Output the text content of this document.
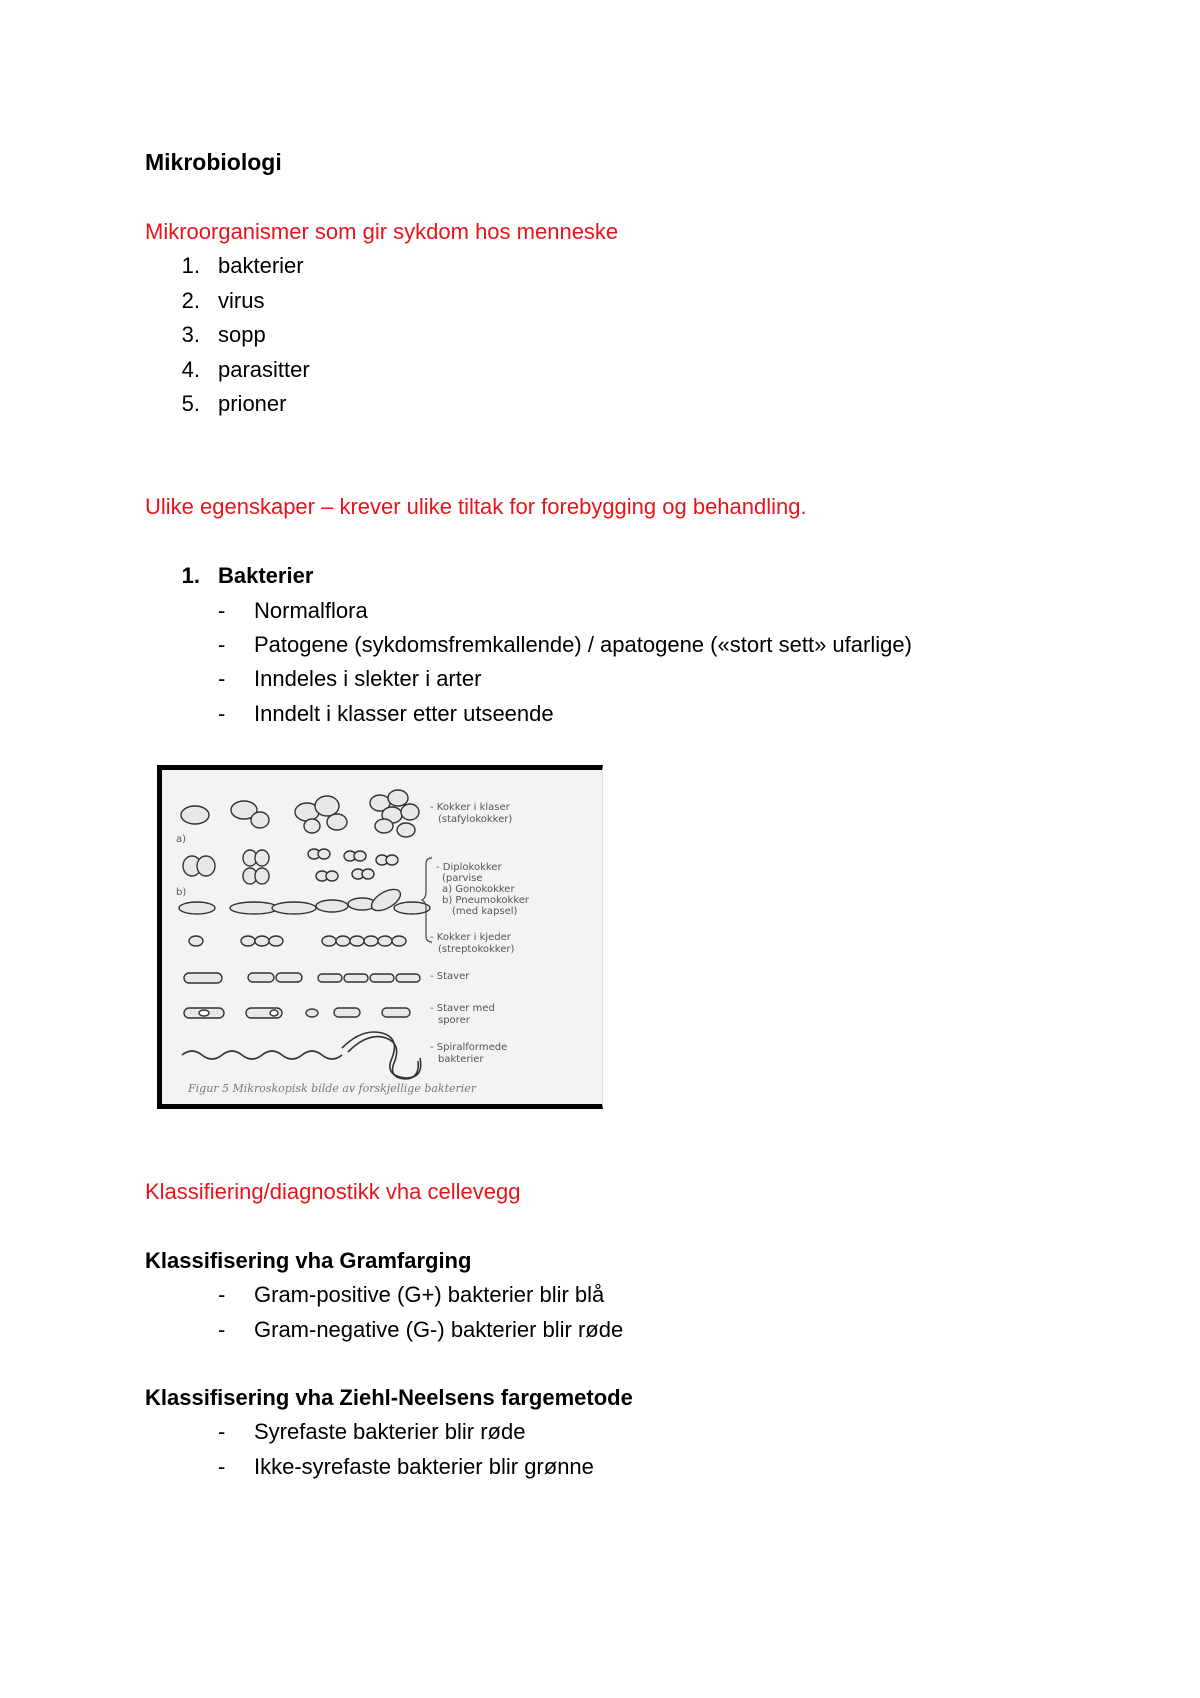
Mikrobiologi
Mikroorganismer som gir sykdom hos menneske
1. bakterier
2. virus
3. sopp
4. parasitter
5. prioner
Ulike egenskaper – krever ulike tiltak for forebygging og behandling.
1. Bakterier
- Normalflora
- Patogene (sykdomsfremkallende) / apatogene («stort sett» ufarlige)
- Inndeles i slekter i arter
- Inndelt i klasser etter utseende
a)
b)
- Kokker i klaser
(stafylokokker)
- Diplokokker
(parvise
a) Gonokokker
b) Pneumokokker
(med kapsel)
- Kokker i kjeder
(streptokokker)
- Staver
- Staver med
sporer
- Spiralformede
bakterier
Figur 5 Mikroskopisk bilde av forskjellige bakterier
Klassifiering/diagnostikk vha cellevegg
Klassifisering vha Gramfarging
- Gram-positive (G+) bakterier blir blå
- Gram-negative (G-) bakterier blir røde
Klassifisering vha Ziehl-Neelsens fargemetode
- Syrefaste bakterier blir røde
- Ikke-syrefaste bakterier blir grønne
